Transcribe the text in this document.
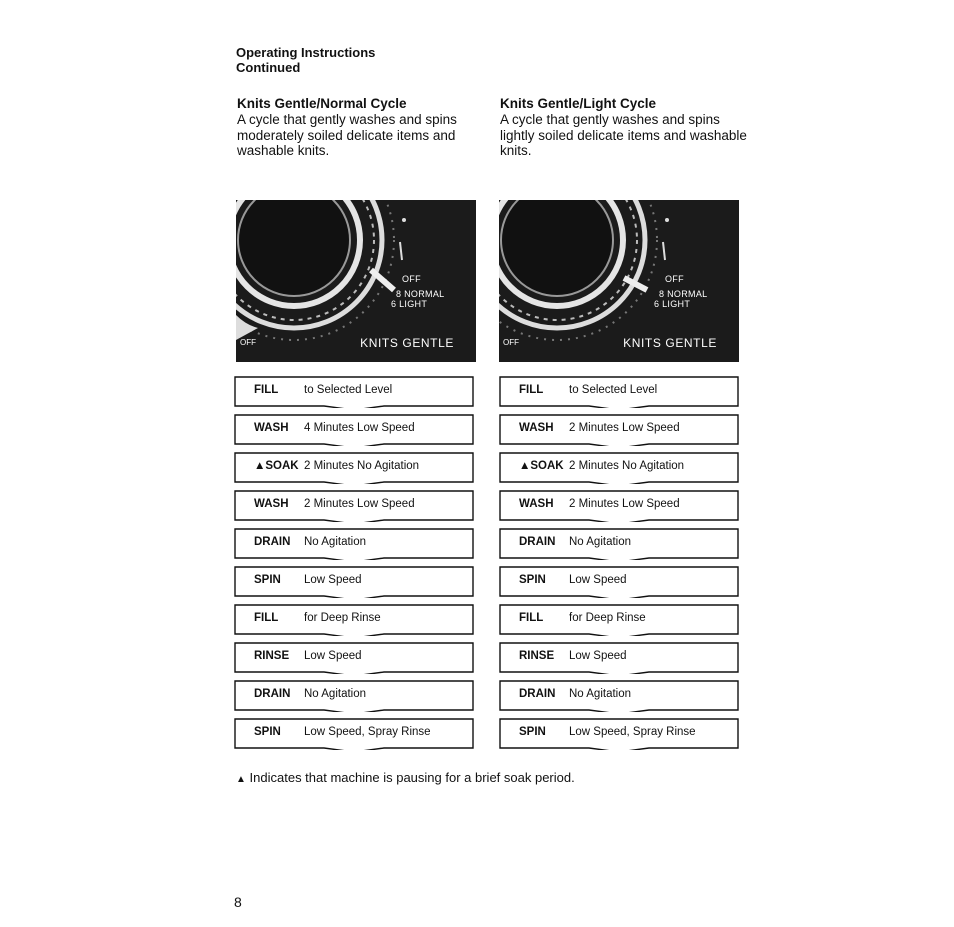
Operating Instructions
Continued
Knits Gentle/Normal Cycle

A cycle that gently washes and spins moderately soiled delicate items and washable knits.

Knits Gentle/Light Cycle

A cycle that gently washes and spins lightly soiled delicate items and washable knits.

OFF
8 NORMAL
6 LIGHT
OFF	KNITS GENTLE
OFF
8 NORMAL
6 LIGHT
OFF	KNITS GENTLE
FILL to Selected Level
WASH 4 Minutes Low Speed
▲SOAK 2 Minutes No Agitation
WASH 2 Minutes Low Speed
DRAIN No Agitation
SPIN Low Speed
FILL for Deep Rinse
RINSE Low Speed
DRAIN No Agitation
SPIN Low Speed, Spray Rinse
FILL to Selected Level
WASH 2 Minutes Low Speed
▲SOAK 2 Minutes No Agitation
WASH 2 Minutes Low Speed
DRAIN No Agitation
SPIN Low Speed
FILL for Deep Rinse
RINSE Low Speed
DRAIN No Agitation
SPIN Low Speed, Spray Rinse
▲ Indicates that machine is pausing for a brief soak period.
8
